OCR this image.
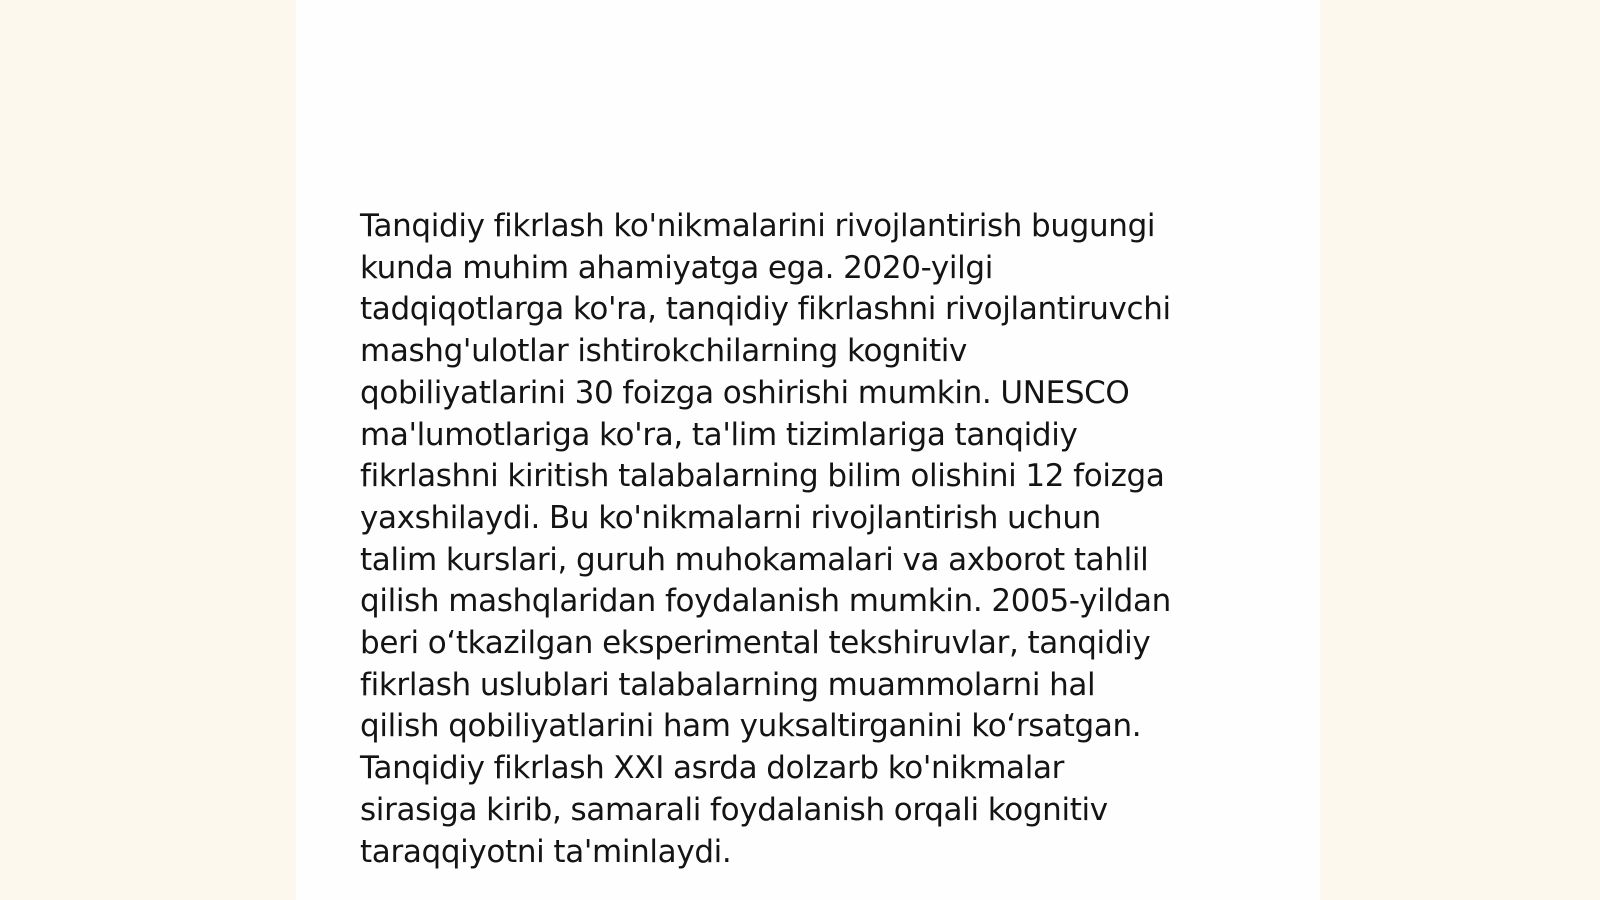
Tanqidiy fikrlash ko'nikmalarini rivojlantirish bugungi
kunda muhim ahamiyatga ega. 2020-yilgi
tadqiqotlarga ko'ra, tanqidiy fikrlashni rivojlantiruvchi
mashg'ulotlar ishtirokchilarning kognitiv
qobiliyatlarini 30 foizga oshirishi mumkin. UNESCO
ma'lumotlariga ko'ra, ta'lim tizimlariga tanqidiy
fikrlashni kiritish talabalarning bilim olishini 12 foizga
yaxshilaydi. Bu ko'nikmalarni rivojlantirish uchun
talim kurslari, guruh muhokamalari va axborot tahlil
qilish mashqlaridan foydalanish mumkin. 2005-yildan
beri oʻtkazilgan eksperimental tekshiruvlar, tanqidiy
fikrlash uslublari talabalarning muammolarni hal
qilish qobiliyatlarini ham yuksaltirganini koʻrsatgan.
Tanqidiy fikrlash XXI asrda dolzarb ko'nikmalar
sirasiga kirib, samarali foydalanish orqali kognitiv
taraqqiyotni ta'minlaydi.
